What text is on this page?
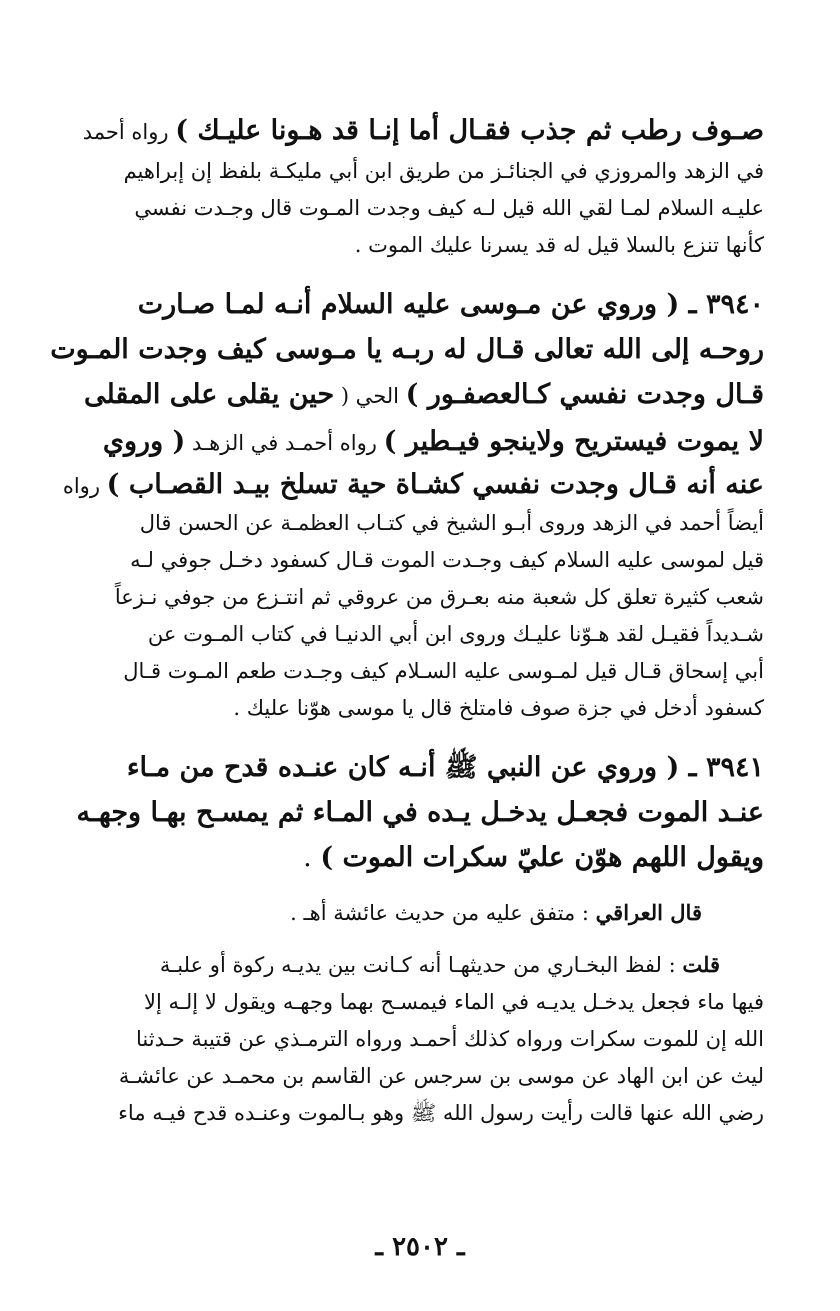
صـوف رطب ثم جذب فقـال أما إنـا قد هـونا عليـك ) رواه أحمد
في الزهد والمروزي في الجنائـز من طريق ابن أبي مليكـة بلفظ إن إبراهيم
عليـه السلام لمـا لقي الله قيل لـه كيف وجدت المـوت قال وجـدت نفسي
كأنها تنزع بالسلا قيل له قد يسرنا عليك الموت .
٣٩٤٠ ـ ( وروي عن مـوسى عليه السلام أنـه لمـا صـارت
روحـه إلى الله تعالى قـال له ربـه يا مـوسى كيف وجدت المـوت
قـال وجدت نفسي كـالعصفـور ) الحي ( حين يقلى على المقلى
لا يموت فيستريح ولاينجو فيـطير ) رواه أحمـد في الزهـد ( وروي
عنه أنه قـال وجدت نفسي كشـاة حية تسلخ بيـد القصـاب ) رواه
أيضاً أحمد في الزهد وروى أبـو الشيخ في كتـاب العظمـة عن الحسن قال
قيل لموسى عليه السلام كيف وجـدت الموت قـال كسفود دخـل جوفي لـه
شعب كثيرة تعلق كل شعبة منه بعـرق من عروقي ثم انتـزع من جوفي نـزعاً
شـديداً فقيـل لقد هـوّنا عليـك وروى ابن أبي الدنيـا في كتاب المـوت عن
أبي إسحاق قـال قيل لمـوسى عليه السـلام كيف وجـدت طعم المـوت قـال
كسفود أدخل في جزة صوف فامتلخ قال يا موسى هوّنا عليك .
٣٩٤١ ـ ( وروي عن النبي ﷺ أنـه كان عنـده قدح من مـاء
عنـد الموت فجعـل يدخـل يـده في المـاء ثم يمسـح بهـا وجهـه
ويقول اللهم هوّن عليّ سكرات الموت ) .
قال العراقي : متفق عليه من حديث عائشة أهـ .
قلت : لفظ البخـاري من حديثهـا أنه كـانت بين يديـه ركوة أو علبـة
فيها ماء فجعل يدخـل يديـه في الماء فيمسـح بهما وجهـه ويقول لا إلـه إلا
الله إن للموت سكرات ورواه كذلك أحمـد ورواه الترمـذي عن قتيبة حـدثنا
ليث عن ابن الهاد عن موسى بن سرجس عن القاسم بن محمـد عن عائشـة
رضي الله عنها قالت رأيت رسول الله ﷺ وهو بـالموت وعنـده قدح فيـه ماء
ـ ٢٥٠٢ ـ
